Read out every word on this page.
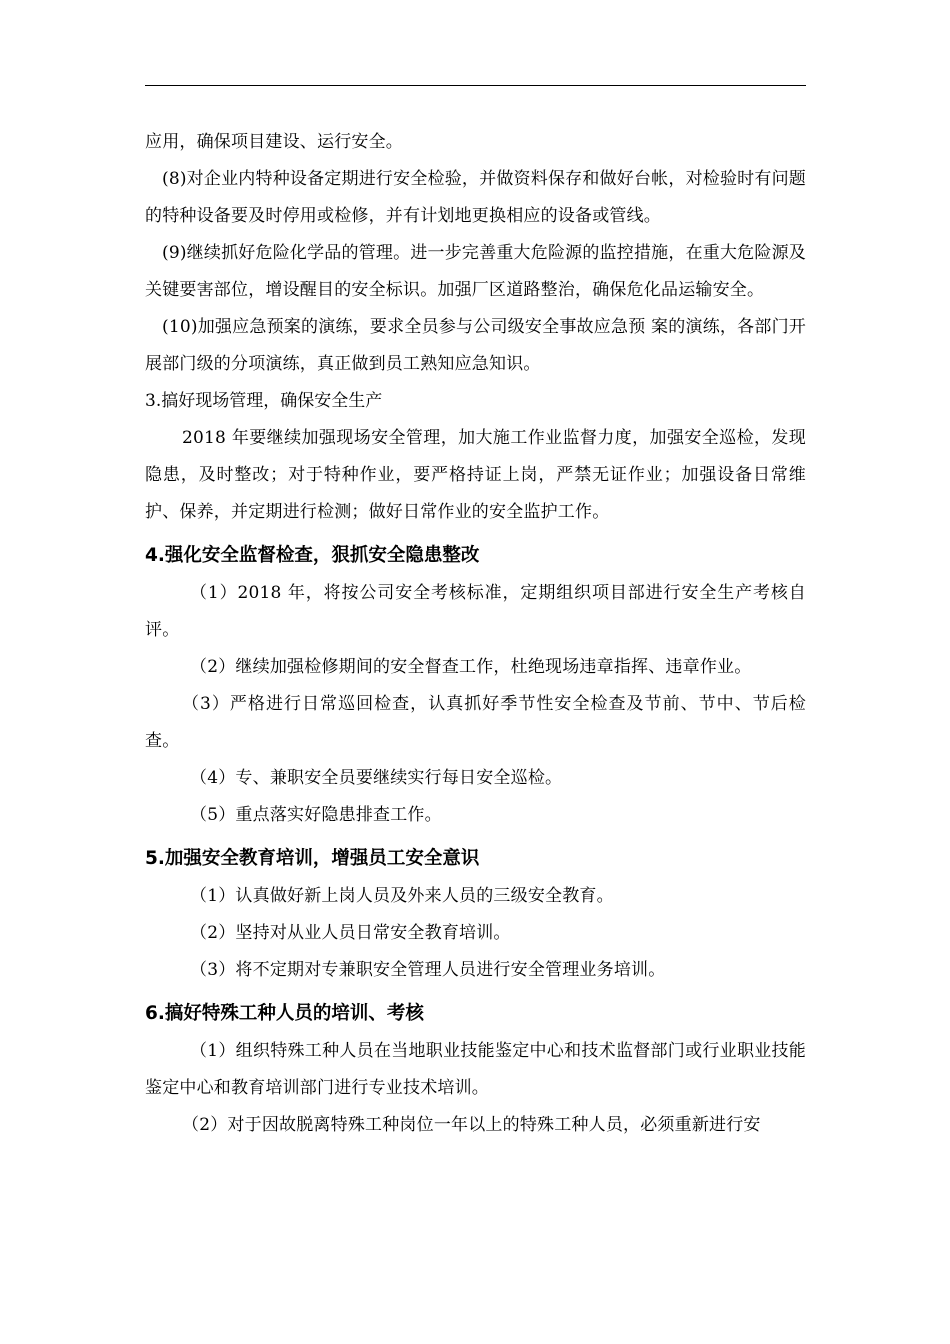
应用，确保项目建设、运行安全。

(8)对企业内特种设备定期进行安全检验，并做资料保存和做好台帐，对检验时有问题的特种设备要及时停用或检修，并有计划地更换相应的设备或管线。

(9)继续抓好危险化学品的管理。进一步完善重大危险源的监控措施，在重大危险源及关键要害部位，增设醒目的安全标识。加强厂区道路整治，确保危化品运输安全。

(10)加强应急预案的演练，要求全员参与公司级安全事故应急预 案的演练，各部门开展部门级的分项演练，真正做到员工熟知应急知识。

3.搞好现场管理，确保安全生产

2018 年要继续加强现场安全管理，加大施工作业监督力度，加强安全巡检，发现隐患，及时整改；对于特种作业，要严格持证上岗，严禁无证作业；加强设备日常维护、保养，并定期进行检测；做好日常作业的安全监护工作。

4.强化安全监督检查，狠抓安全隐患整改

（1）2018 年，将按公司安全考核标准，定期组织项目部进行安全生产考核自评。

（2）继续加强检修期间的安全督查工作，杜绝现场违章指挥、违章作业。

（3）严格进行日常巡回检查，认真抓好季节性安全检查及节前、节中、节后检查。

（4）专、兼职安全员要继续实行每日安全巡检。

（5）重点落实好隐患排查工作。

5.加强安全教育培训，增强员工安全意识

（1）认真做好新上岗人员及外来人员的三级安全教育。

（2）坚持对从业人员日常安全教育培训。

（3）将不定期对专兼职安全管理人员进行安全管理业务培训。

6.搞好特殊工种人员的培训、考核

（1）组织特殊工种人员在当地职业技能鉴定中心和技术监督部门或行业职业技能鉴定中心和教育培训部门进行专业技术培训。

（2）对于因故脱离特殊工种岗位一年以上的特殊工种人员，必须重新进行安
